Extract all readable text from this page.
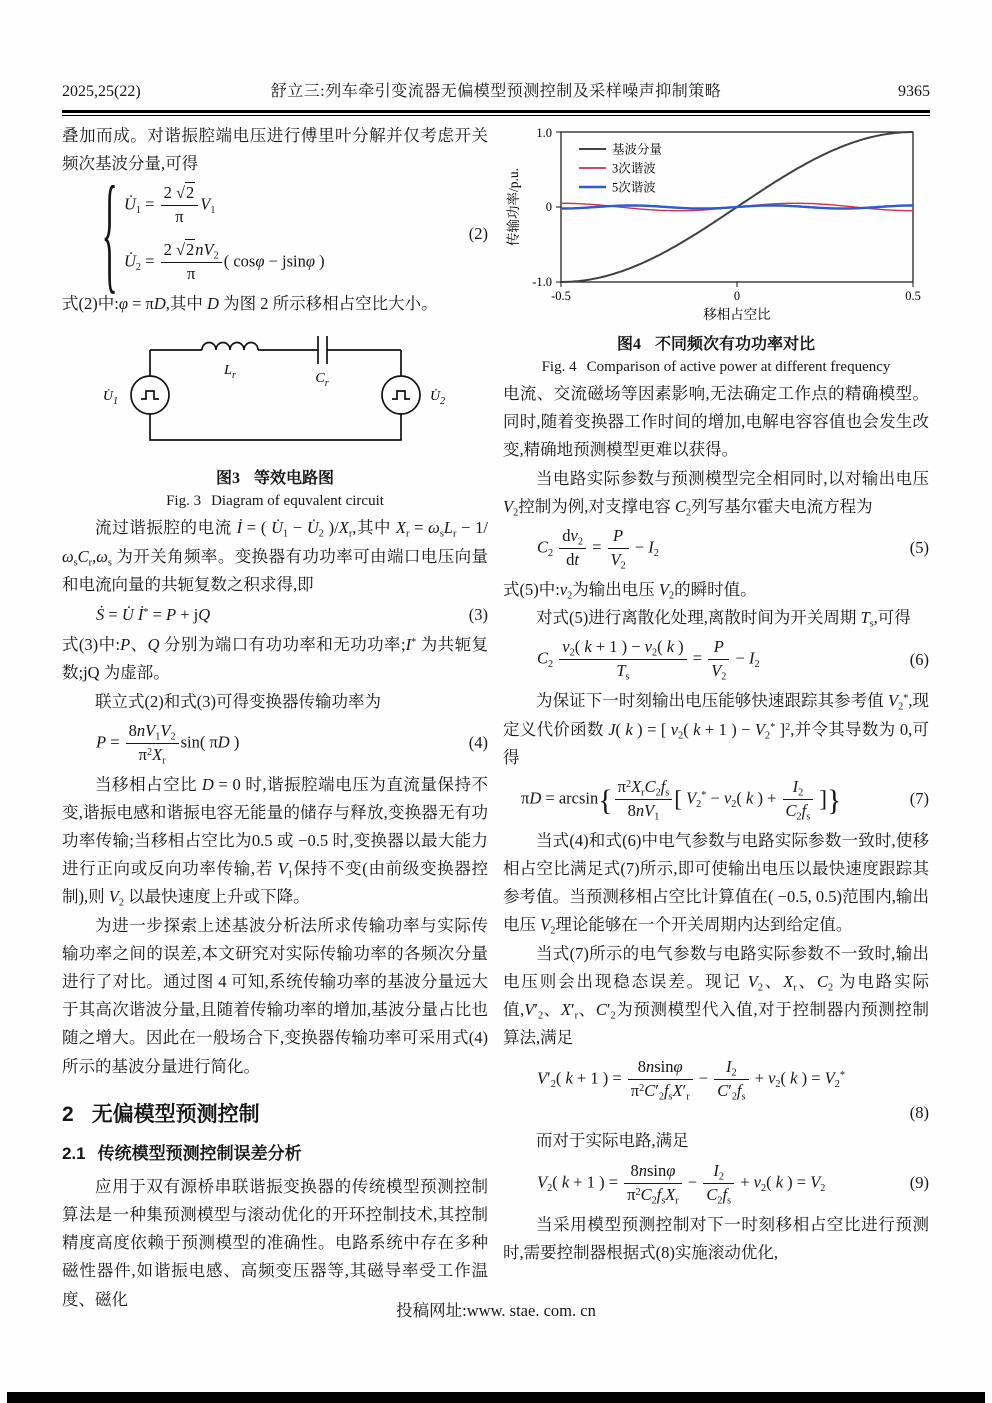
2025,25(22)	舒立三:列车牵引变流器无偏模型预测控制及采样噪声抑制策略	9365

叠加而成。对谐振腔端电压进行傅里叶分解并仅考虑开关频次基波分量,可得

{ $U̇_1 = \frac{2 √2}{\pi} V_1$
$U̇_2 = \frac{2 √2nV_2}{\pi}$ ( cosφ − jsinφ )
(2)

式(2)中:φ = πD,其中 D 为图 2 所示移相占空比大小。

$U̇_1$
$L_r$	$C_r$
$U̇_2$
图3 等效电路图
Fig. 3 Diagram of equvalent circuit

流过谐振腔的电流 İ = ( $U̇_1$ − $U̇_2$ )$/X_r$,其中 $X_r = \omega_sL_r - 1/\omega_sC_r,\omega_s$ 为开关角频率。变换器有功功率可由端口电压向量和电流向量的共轭复数之积求得,即

Ṡ = U̇ İ* = P + jQ	(3)

式(3)中:P、Q 分别为端口有功功率和无功功率;I* 为共轭复数;jQ 为虚部。

联立式(2)和式(3)可得变换器传输功率为

$P = \frac{8nV_1V_2}{\pi^2X_r} \sin$( πD )	(4)

当移相占空比 D = 0 时,谐振腔端电压为直流量保持不变,谐振电感和谐振电容无能量的储存与释放,变换器无有功功率传输;当移相占空比为0.5 或 −0.5 时,变换器以最大能力进行正向或反向功率传输,若 $V_1$保持不变(由前级变换器控制),则 $V_2$ 以最快速度上升或下降。

为进一步探索上述基波分析法所求传输功率与实际传输功率之间的误差,本文研究对实际传输功率的各频次分量进行了对比。通过图 4 可知,系统传输功率的基波分量远大于其高次谐波分量,且随着传输功率的增加,基波分量占比也随之增大。因此在一般场合下,变换器传输功率可采用式(4)所示的基波分量进行简化。

2 无偏模型预测控制
2.1 传统模型预测控制误差分析

应用于双有源桥串联谐振变换器的传统模型预测控制算法是一种集预测模型与滚动优化的开环控制技术,其控制精度高度依赖于预测模型的准确性。电路系统中存在多种磁性器件,如谐振电感、高频变压器等,其磁导率受工作温度、磁化

1.0
0
-1.0
-0.5	0	0.5
传输功率/p.u.
移相占空比
基波分量
3次谐波
5次谐波
图4 不同频次有功功率对比
Fig. 4 Comparison of active power at different frequency

电流、交流磁场等因素影响,无法确定工作点的精确模型。同时,随着变换器工作时间的增加,电解电容容值也会发生改变,精确地预测模型更难以获得。

当电路实际参数与预测模型完全相同时,以对输出电压 $V_2$控制为例,对支撑电容 $C_2$列写基尔霍夫电流方程为

$C_2 \frac{dv_2}{dt} = \frac{P}{V_2} - I_2$	(5)

式(5)中$:v_2$为输出电压 $V_2$的瞬时值。

对式(5)进行离散化处理,离散时间为开关周期 $T_s$,可得

$C_2 \frac{v_2( k + 1 ) - v_2( k )}{T_s} = \frac{P}{V_2} - I_2$	(6)

为保证下一时刻输出电压能够快速跟踪其参考值 $V_2^*$,现定义代价函数 J( k ) = [ $v_2$( k + 1 ) − $V_2^*$ ]$^2$,并令其导数为 0,可得

πD = arcsin{ $\pi^2X_rC_2f_s$
$8nV_1$
[ $V_2^* - v_2$( k ) + $\frac{I_2}{C_2f_s}$ ]}	(7)

当式(4)和式(6)中电气参数与电路实际参数一致时,使移相占空比满足式(7)所示,即可使输出电压以最快速度跟踪其参考值。当预测移相占空比计算值在( −0.5, 0.5)范围内,输出电压 $V_2$理论能够在一个开关周期内达到给定值。

当式(7)所示的电气参数与电路实际参数不一致时,输出电压则会出现稳态误差。现记 $V_2$、$X_r$、$C_2$ 为电路实际值$,V'_2$、$X'_r$、$C'_2$为预测模型代入值,对于控制器内预测控制算法,满足

$V'_2$( k + 1 ) =
8nsinφ
$\pi^2C'_2f_sX'_r$
− $\frac{I_2}{C'_2f_s} + v_2$( k ) = $V_2^*$
(8)

而对于实际电路,满足

$V_2$( k + 1 ) =
8nsinφ
$\pi^2C_2f_sX_r$
− $\frac{I_2}{C_2f_s} + v_2$( k ) = $V_2$	(9)

当采用模型预测控制对下一时刻移相占空比进行预测时,需要控制器根据式(8)实施滚动优化,

投稿网址:www. stae. com. cn
